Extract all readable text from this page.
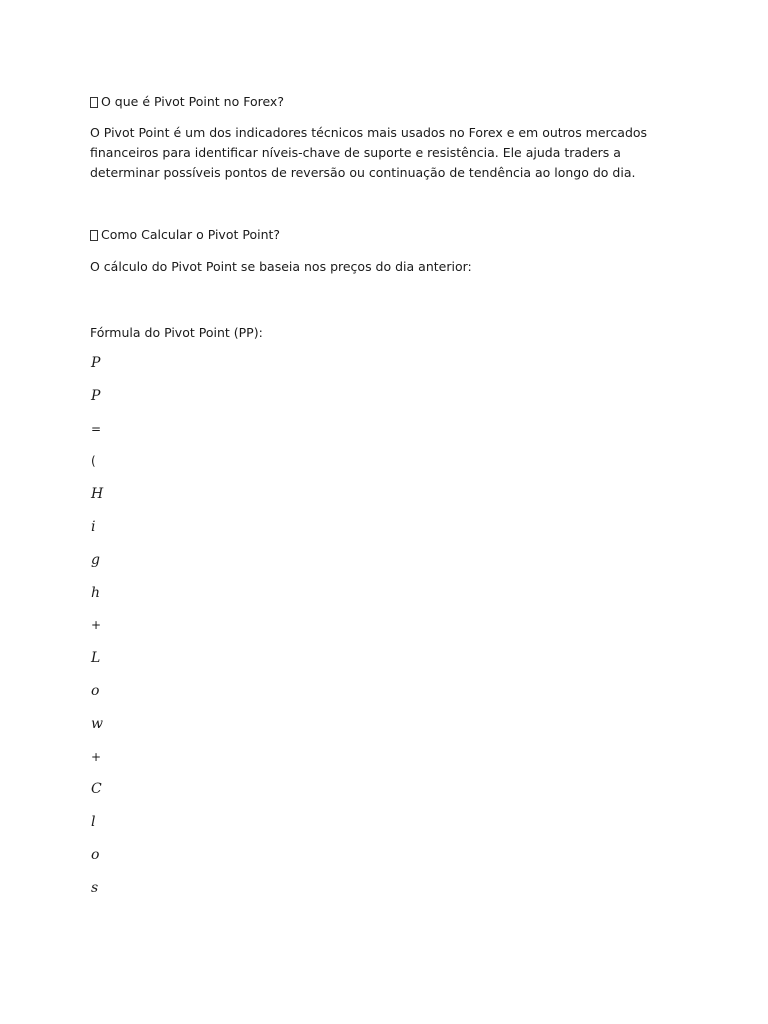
O que é Pivot Point no Forex?

O Pivot Point é um dos indicadores técnicos mais usados no Forex e em outros mercados financeiros para identificar níveis-chave de suporte e resistência. Ele ajuda traders a determinar possíveis pontos de reversão ou continuação de tendência ao longo do dia.

Como Calcular o Pivot Point?

O cálculo do Pivot Point se baseia nos preços do dia anterior:

Fórmula do Pivot Point (PP):

P
P
=
(
H
i
g
h
+
L
o
w
+
C
l
o
s
